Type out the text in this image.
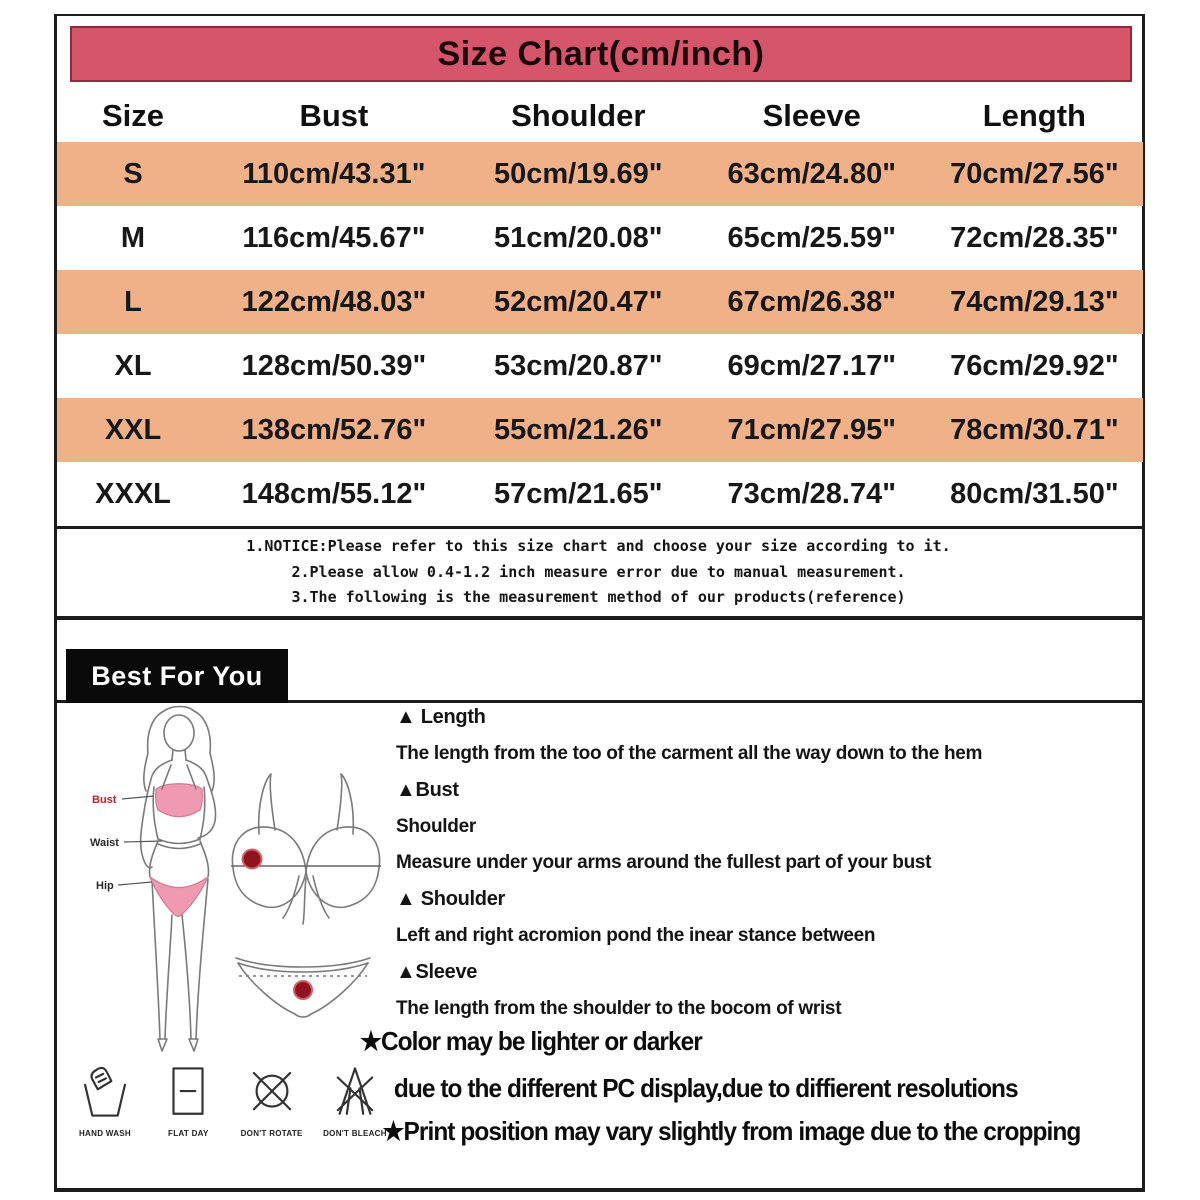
Size Chart(cm/inch)
Size	Bust	Shoulder	Sleeve	Length
S	110cm/43.31" 50cm/19.69" 63cm/24.80" 70cm/27.56"
M	116cm/45.67" 51cm/20.08" 65cm/25.59" 72cm/28.35"
L	122cm/48.03" 52cm/20.47" 67cm/26.38" 74cm/29.13"
XL	128cm/50.39" 53cm/20.87" 69cm/27.17" 76cm/29.92"
XXL	138cm/52.76" 55cm/21.26" 71cm/27.95" 78cm/30.71"
XXXL 148cm/55.12" 57cm/21.65" 73cm/28.74" 80cm/31.50"
1.NOTICE:Please refer to this size chart and choose your size according to it.
2.Please allow 0.4-1.2 inch measure error due to manual measurement.
3.The following is the measurement method of our products(reference)
Best For You
Bust
Waist
Hip
▲ Length
The length from the too of the carment all the way down to the hem
▲Bust
Shoulder
Measure under your arms around the fullest part of your bust
▲ Shoulder
Left and right acromion pond the inear stance between
▲Sleeve
The length from the shoulder to the bocom of wrist
★Color may be lighter or darker
due to the different PC display,due to diffierent resolutions
★Print position may vary slightly from image due to the cropping
HAND WASH	FLAT DAY	DON'T ROTATE	DON'T BLEACH
